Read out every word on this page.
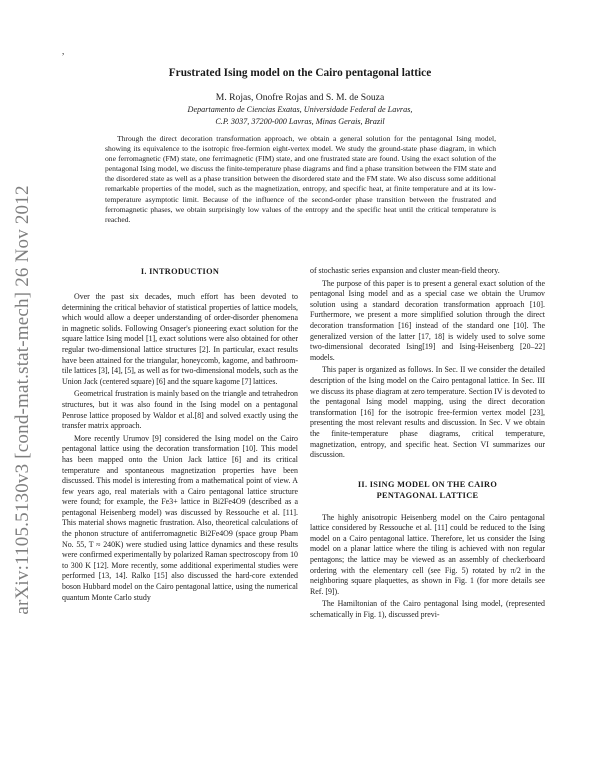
,
arXiv:1105.5130v3 [cond-mat.stat-mech] 26 Nov 2012
Frustrated Ising model on the Cairo pentagonal lattice
M. Rojas, Onofre Rojas and S. M. de Souza
Departamento de Ciencias Exatas, Universidade Federal de Lavras,
C.P. 3037, 37200-000 Lavras, Minas Gerais, Brazil

Through the direct decoration transformation approach, we obtain a general solution for the pentagonal Ising model, showing its equivalence to the isotropic free-fermion eight-vertex model. We study the ground-state phase diagram, in which one ferromagnetic (FM) state, one ferrimagnetic (FIM) state, and one frustrated state are found. Using the exact solution of the pentagonal Ising model, we discuss the finite-temperature phase diagrams and find a phase transition between the FIM state and the disordered state as well as a phase transition between the disordered state and the FM state. We also discuss some additional remarkable properties of the model, such as the magnetization, entropy, and specific heat, at finite temperature and at its low-temperature asymptotic limit. Because of the influence of the second-order phase transition between the frustrated and ferromagnetic phases, we obtain surprisingly low values of the entropy and the specific heat until the critical temperature is reached.

I. INTRODUCTION

Over the past six decades, much effort has been devoted to determining the critical behavior of statistical properties of lattice models, which would allow a deeper understanding of order-disorder phenomena in magnetic solids. Following Onsager's pioneering exact solution for the square lattice Ising model [1], exact solutions were also obtained for other regular two-dimensional lattice structures [2]. In particular, exact results have been attained for the triangular, honeycomb, kagome, and bathroom-tile lattices [3], [4], [5], as well as for two-dimensional models, such as the Union Jack (centered square) [6] and the square kagome [7] lattices.

Geometrical frustration is mainly based on the triangle and tetrahedron structures, but it was also found in the Ising model on a pentagonal Penrose lattice proposed by Waldor et al.[8] and solved exactly using the transfer matrix approach.

More recently Urumov [9] considered the Ising model on the Cairo pentagonal lattice using the decoration transformation [10]. This model has been mapped onto the Union Jack lattice [6] and its critical temperature and spontaneous magnetization properties have been discussed. This model is interesting from a mathematical point of view. A few years ago, real materials with a Cairo pentagonal lattice structure were found; for example, the Fe3+ lattice in Bi2Fe4O9 (described as a pentagonal Heisenberg model) was discussed by Ressouche et al. [11]. This material shows magnetic frustration. Also, theoretical calculations of the phonon structure of antiferromagnetic Bi2Fe4O9 (space group Pbam No. 55, T ≈ 240K) were studied using lattice dynamics and these results were confirmed experimentally by polarized Raman spectroscopy from 10 to 300 K [12]. More recently, some additional experimental studies were performed [13, 14]. Ralko [15] also discussed the hard-core extended boson Hubbard model on the Cairo pentagonal lattice, using the numerical quantum Monte Carlo study

of stochastic series expansion and cluster mean-field theory.

The purpose of this paper is to present a general exact solution of the pentagonal Ising model and as a special case we obtain the Urumov solution using a standard decoration transformation approach [10]. Furthermore, we present a more simplified solution through the direct decoration transformation [16] instead of the standard one [10]. The generalized version of the latter [17, 18] is widely used to solve some two-dimensional decorated Ising[19] and Ising-Heisenberg [20–22] models.

This paper is organized as follows. In Sec. II we consider the detailed description of the Ising model on the Cairo pentagonal lattice. In Sec. III we discuss its phase diagram at zero temperature. Section IV is devoted to the pentagonal Ising model mapping, using the direct decoration transformation [16] for the isotropic free-fermion vertex model [23], presenting the most relevant results and discussion. In Sec. V we obtain the finite-temperature phase diagrams, critical temperature, magnetization, entropy, and specific heat. Section VI summarizes our discussion.

II. ISING MODEL ON THE CAIRO
PENTAGONAL LATTICE

The highly anisotropic Heisenberg model on the Cairo pentagonal lattice considered by Ressouche et al. [11] could be reduced to the Ising model on a Cairo pentagonal lattice. Therefore, let us consider the Ising model on a planar lattice where the tiling is achieved with non regular pentagons; the lattice may be viewed as an assembly of checkerboard ordering with the elementary cell (see Fig. 5) rotated by π/2 in the neighboring square plaquettes, as shown in Fig. 1 (for more details see Ref. [9]).

The Hamiltonian of the Cairo pentagonal Ising model, (represented schematically in Fig. 1), discussed previ-
